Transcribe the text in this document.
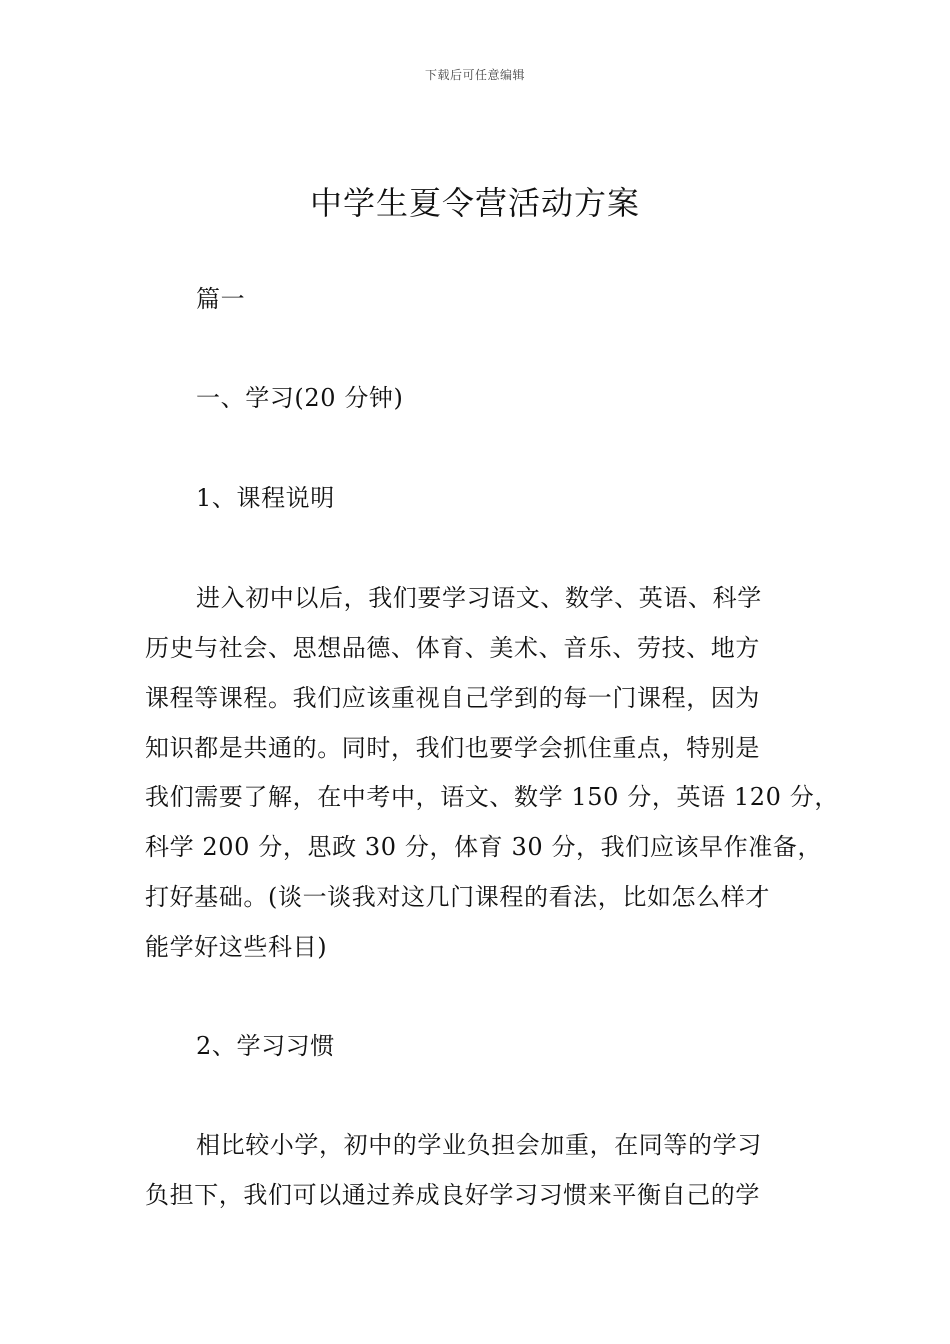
下载后可任意编辑
中学生夏令营活动方案
篇一
一、学习(20 分钟)
1、课程说明
进入初中以后，我们要学习语文、数学、英语、科学
历史与社会、思想品德、体育、美术、音乐、劳技、地方
课程等课程。我们应该重视自己学到的每一门课程，因为
知识都是共通的。同时，我们也要学会抓住重点，特别是
我们需要了解，在中考中，语文、数学 150 分，英语 120 分，
科学 200 分，思政 30 分，体育 30 分，我们应该早作准备，
打好基础。(谈一谈我对这几门课程的看法，比如怎么样才
能学好这些科目)
2、学习习惯
相比较小学，初中的学业负担会加重，在同等的学习
负担下，我们可以通过养成良好学习习惯来平衡自己的学
